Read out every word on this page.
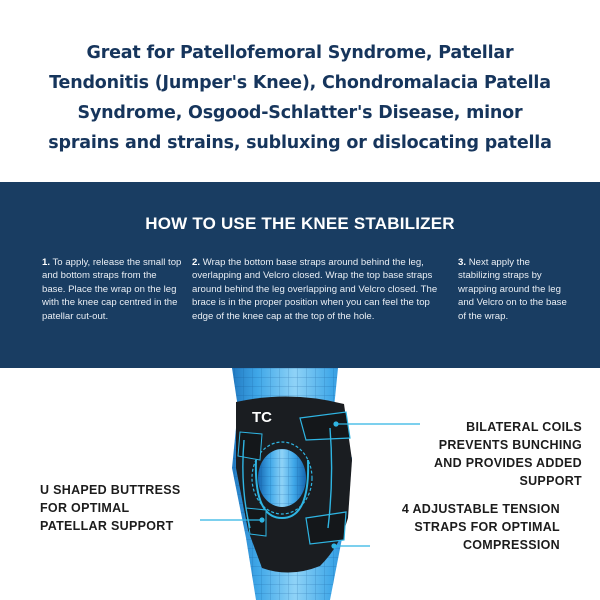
Great for Patellofemoral Syndrome, Patellar
Tendonitis (Jumper's Knee), Chondromalacia Patella
Syndrome, Osgood-Schlatter's Disease, minor
sprains and strains, subluxing or dislocating patella
HOW TO USE THE KNEE STABILIZER
1. To apply, release the small top and bottom straps from the base. Place the wrap on the leg with the knee cap centred in the patellar cut-out.
2. Wrap the bottom base straps around behind the leg, overlapping and Velcro closed. Wrap the top base straps around behind the leg overlapping and Velcro closed. The brace is in the proper position when you can feel the top edge of the knee cap at the top of the hole.
3. Next apply the stabilizing straps by wrapping around the leg and Velcro on to the base of the wrap.
TC
BILATERAL COILS
PREVENTS BUNCHING
AND PROVIDES ADDED
SUPPORT
U SHAPED BUTTRESS
FOR OPTIMAL
PATELLAR SUPPORT
4 ADJUSTABLE TENSION
STRAPS FOR OPTIMAL
COMPRESSION
